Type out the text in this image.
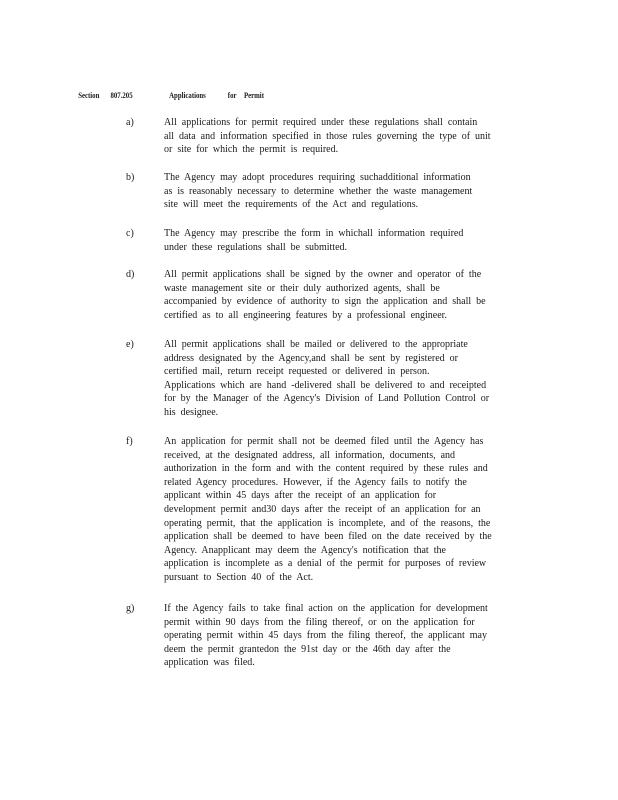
Section 807.205	Applications	for Permit
a)	All applications for permit required under these regulations shall contain
all data and information specified in those rules governing the type of unit
or site for which the permit is required.
b)	The Agency may adopt procedures requiring suchadditional information
as is reasonably necessary to determine whether the waste management
site will meet the requirements of the Act and regulations.
c)	The Agency may prescribe the form in whichall information required
under these regulations shall be submitted.
d)	All permit applications shall be signed by the owner and operator of the
waste management site or their duly authorized agents, shall be
accompanied by evidence of authority to sign the application and shall be
certified as to all engineering features by a professional engineer.
e)	All permit applications shall be mailed or delivered to the appropriate
address designated by the Agency,and shall be sent by registered or
certified mail, return receipt requested or delivered in person.
Applications which are hand -delivered shall be delivered to and receipted
for by the Manager of the Agency's Division of Land Pollution Control or
his designee.
f)	An application for permit shall not be deemed filed until the Agency has
received, at the designated address, all information, documents, and
authorization in the form and with the content required by these rules and
related Agency procedures. However, if the Agency fails to notify the
applicant within 45 days after the receipt of an application for
development permit and30 days after the receipt of an application for an
operating permit, that the application is incomplete, and of the reasons, the
application shall be deemed to have been filed on the date received by the
Agency. Anapplicant may deem the Agency's notification that the
application is incomplete as a denial of the permit for purposes of review
pursuant to Section 40 of the Act.
g)	If the Agency fails to take final action on the application for development
permit within 90 days from the filing thereof, or on the application for
operating permit within 45 days from the filing thereof, the applicant may
deem the permit grantedon the 91st day or the 46th day after the
application was filed.
